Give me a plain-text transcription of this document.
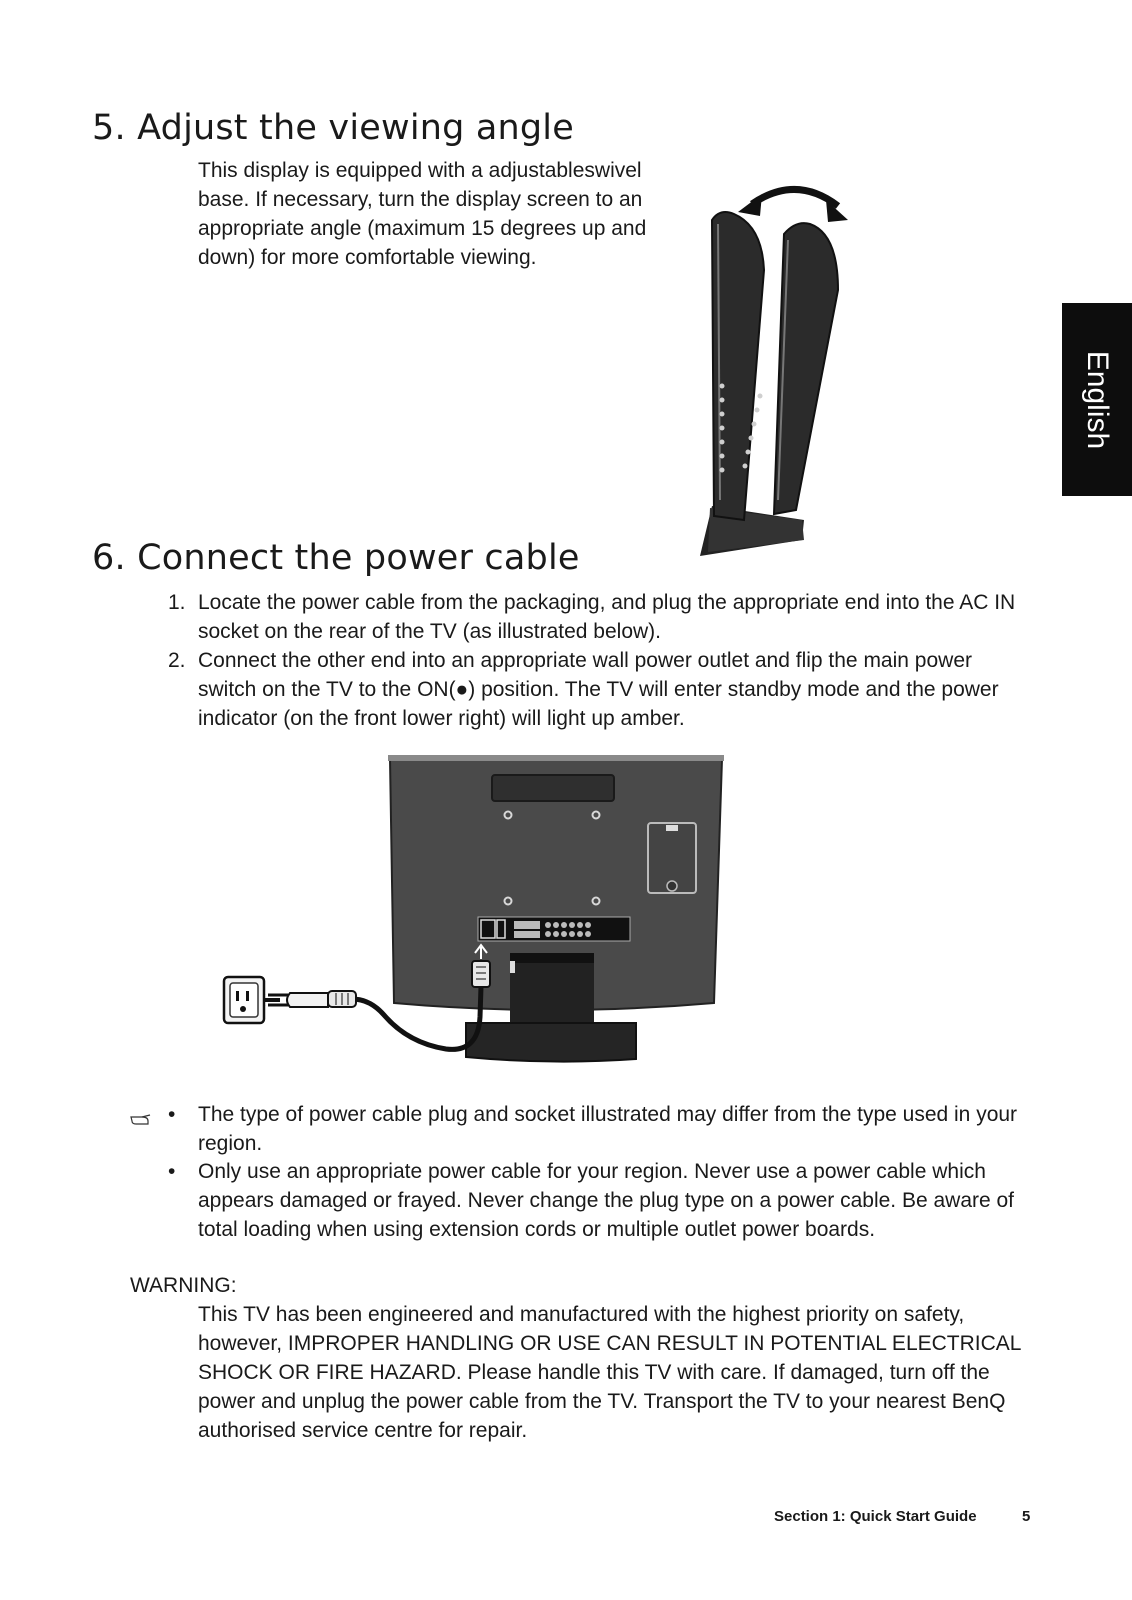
English
5. Adjust the viewing angle

This display is equipped with a adjustableswivel base. If necessary, turn the display screen to an appropriate angle (maximum 15 degrees up and down) for more comfortable viewing.

6. Connect the power cable
1. Locate the power cable from the packaging, and plug the appropriate end into the AC IN socket on the rear of the TV (as illustrated below).
2. Connect the other end into an appropriate wall power outlet and flip the main power switch on the TV to the ON(●) position. The TV will enter standby mode and the power indicator (on the front lower right) will light up amber.
•	The type of power cable plug and socket illustrated may differ from the type used in your region.
•	Only use an appropriate power cable for your region. Never use a power cable which appears damaged or frayed. Never change the plug type on a power cable. Be aware of total loading when using extension cords or multiple outlet power boards.

WARNING:

This TV has been engineered and manufactured with the highest priority on safety, however, IMPROPER HANDLING OR USE CAN RESULT IN POTENTIAL ELECTRICAL SHOCK OR FIRE HAZARD. Please handle this TV with care. If damaged, turn off the power and unplug the power cable from the TV. Transport the TV to your nearest BenQ authorised service centre for repair.

Section 1: Quick Start Guide	5
